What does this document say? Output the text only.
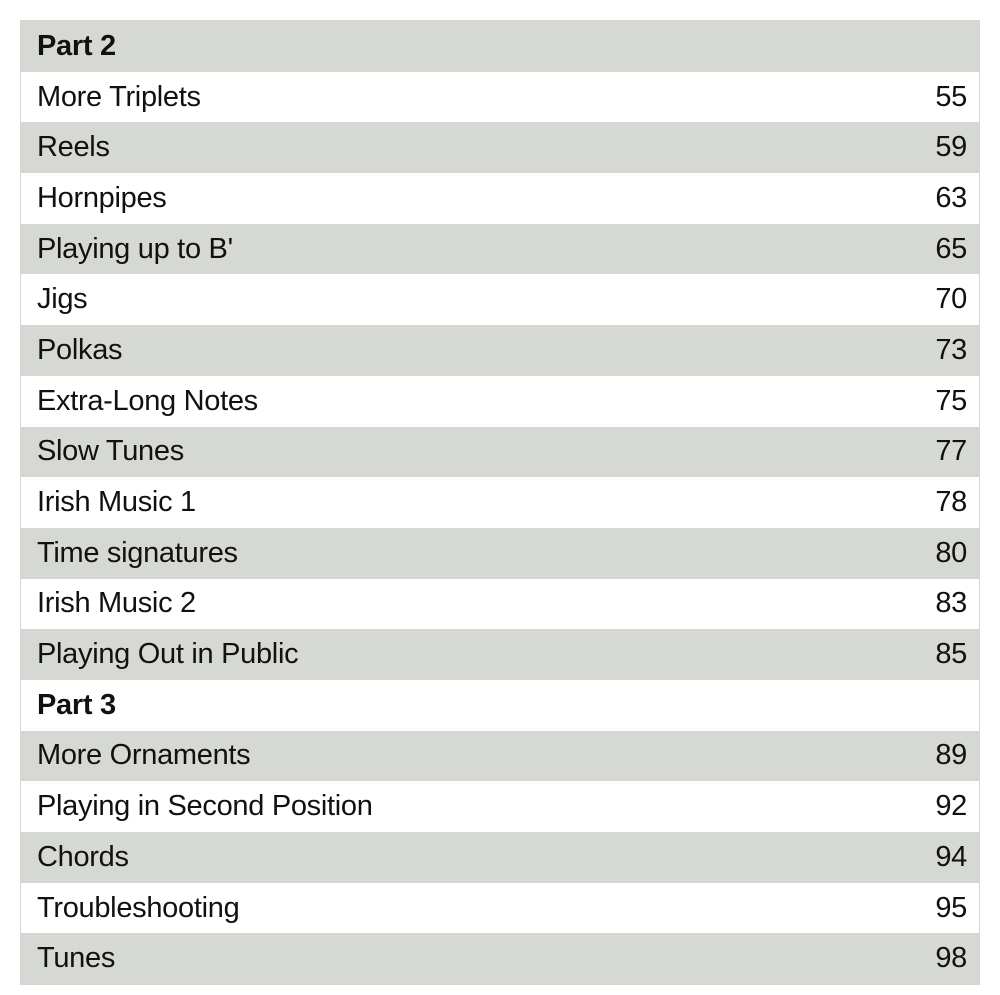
Part 2
More Triplets	55
Reels	59
Hornpipes	63
Playing up to B'	65
Jigs	70
Polkas	73
Extra-Long Notes	75
Slow Tunes	77
Irish Music 1	78
Time signatures	80
Irish Music 2	83
Playing Out in Public	85
Part 3
More Ornaments	89
Playing in Second Position	92
Chords	94
Troubleshooting	95
Tunes	98
